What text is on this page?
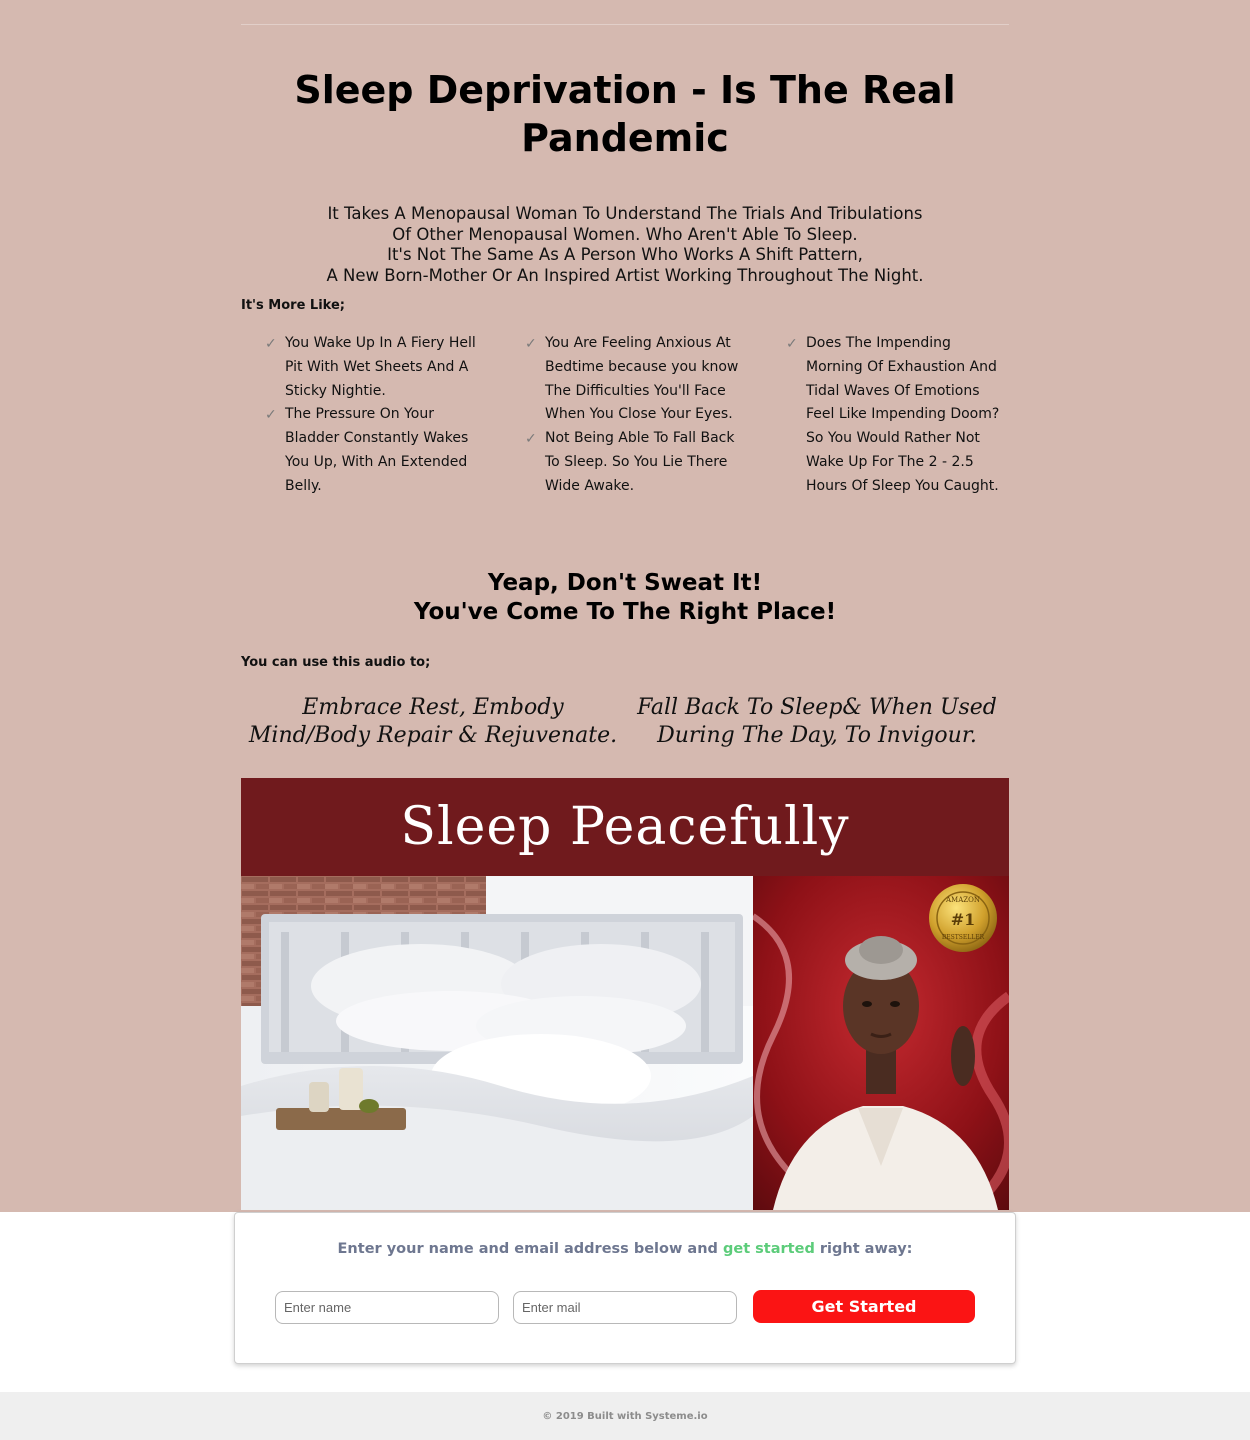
Sleep Deprivation - Is The Real Pandemic

It Takes A Menopausal Woman To Understand The Trials And Tribulations
Of Other Menopausal Women. Who Aren't Able To Sleep.
It's Not The Same As A Person Who Works A Shift Pattern,
A New Born-Mother Or An Inspired Artist Working Throughout The Night.

It's More Like;

✓ You Wake Up In A Fiery Hell Pit With Wet Sheets And A Sticky Nightie.
✓ The Pressure On Your Bladder Constantly Wakes You Up, With An Extended Belly.
✓ You Are Feeling Anxious At Bedtime because you know The Difficulties You'll Face When You Close Your Eyes.
✓ Not Being Able To Fall Back To Sleep. So You Lie There Wide Awake.
✓ Does The Impending Morning Of Exhaustion And Tidal Waves Of Emotions Feel Like Impending Doom? So You Would Rather Not Wake Up For The 2 - 2.5 Hours Of Sleep You Caught.
Yeap, Don't Sweat It!
You've Come To The Right Place!

You can use this audio to;

Embrace Rest, Embody Mind/Body Repair & Rejuvenate.

Fall Back To Sleep& When Used During The Day, To Invigour.

Sleep Peacefully
AMAZON
#1
BESTSELLER

Enter your name and email address below and get started right away:

Enter name
Enter mail
Get Started
© 2019 Built with Systeme.io
